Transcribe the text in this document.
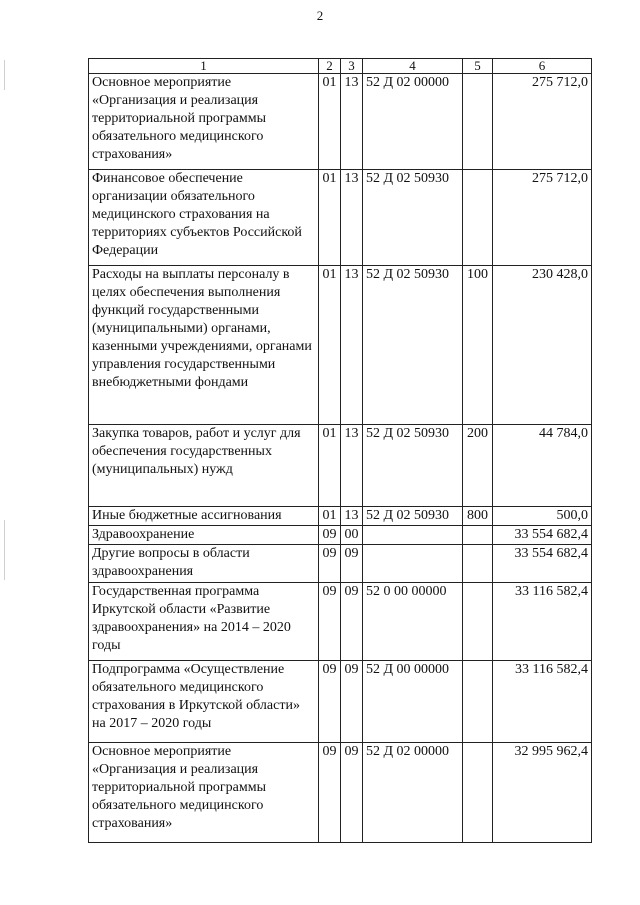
2
1	2	3	4	5	6
Основное мероприятие «Организация и реализация территориальной программы обязательного медицинского страхования»	01	13	52 Д 02 00000		275 712,0
Финансовое обеспечение организации обязательного медицинского страхования на территориях субъектов Российской Федерации	01	13	52 Д 02 50930		275 712,0
Расходы на выплаты персоналу в целях обеспечения выполнения функций государственными (муниципальными) органами, казенными учреждениями, органами управления государственными внебюджетными фондами	01	13	52 Д 02 50930	100	230 428,0
Закупка товаров, работ и услуг для обеспечения государственных (муниципальных) нужд	01	13	52 Д 02 50930	200	44 784,0
Иные бюджетные ассигнования	01	13	52 Д 02 50930	800	500,0
Здравоохранение	09	00			33 554 682,4
Другие вопросы в области здравоохранения	09	09			33 554 682,4
Государственная программа Иркутской области «Развитие здравоохранения» на 2014 – 2020 годы	09	09	52 0 00 00000		33 116 582,4
Подпрограмма «Осуществление обязательного медицинского страхования в Иркутской области» на 2017 – 2020 годы	09	09	52 Д 00 00000		33 116 582,4
Основное мероприятие «Организация и реализация территориальной программы обязательного медицинского страхования»	09	09	52 Д 02 00000		32 995 962,4
